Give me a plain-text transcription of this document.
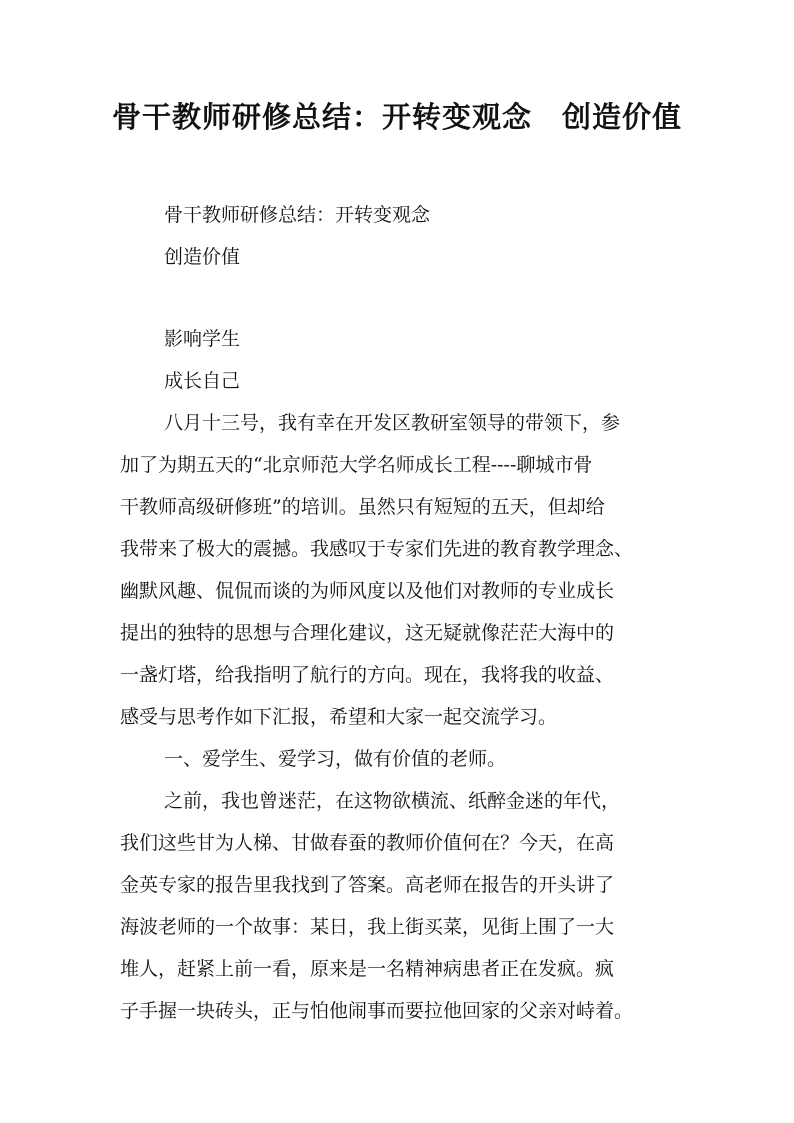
骨干教师研修总结：开转变观念　创造价值

骨干教师研修总结：开转变观念

创造价值

影响学生

成长自己

八月十三号，我有幸在开发区教研室领导的带领下，参

加了为期五天的“北京师范大学名师成长工程----聊城市骨

干教师高级研修班”的培训。虽然只有短短的五天，但却给

我带来了极大的震撼。我感叹于专家们先进的教育教学理念、

幽默风趣、侃侃而谈的为师风度以及他们对教师的专业成长

提出的独特的思想与合理化建议，这无疑就像茫茫大海中的

一盏灯塔，给我指明了航行的方向。现在，我将我的收益、

感受与思考作如下汇报，希望和大家一起交流学习。

一、爱学生、爱学习，做有价值的老师。

之前，我也曾迷茫，在这物欲横流、纸醉金迷的年代，

我们这些甘为人梯、甘做春蚕的教师价值何在？今天，在高

金英专家的报告里我找到了答案。高老师在报告的开头讲了

海波老师的一个故事：某日，我上街买菜，见街上围了一大

堆人，赶紧上前一看，原来是一名精神病患者正在发疯。疯

子手握一块砖头，正与怕他闹事而要拉他回家的父亲对峙着。
